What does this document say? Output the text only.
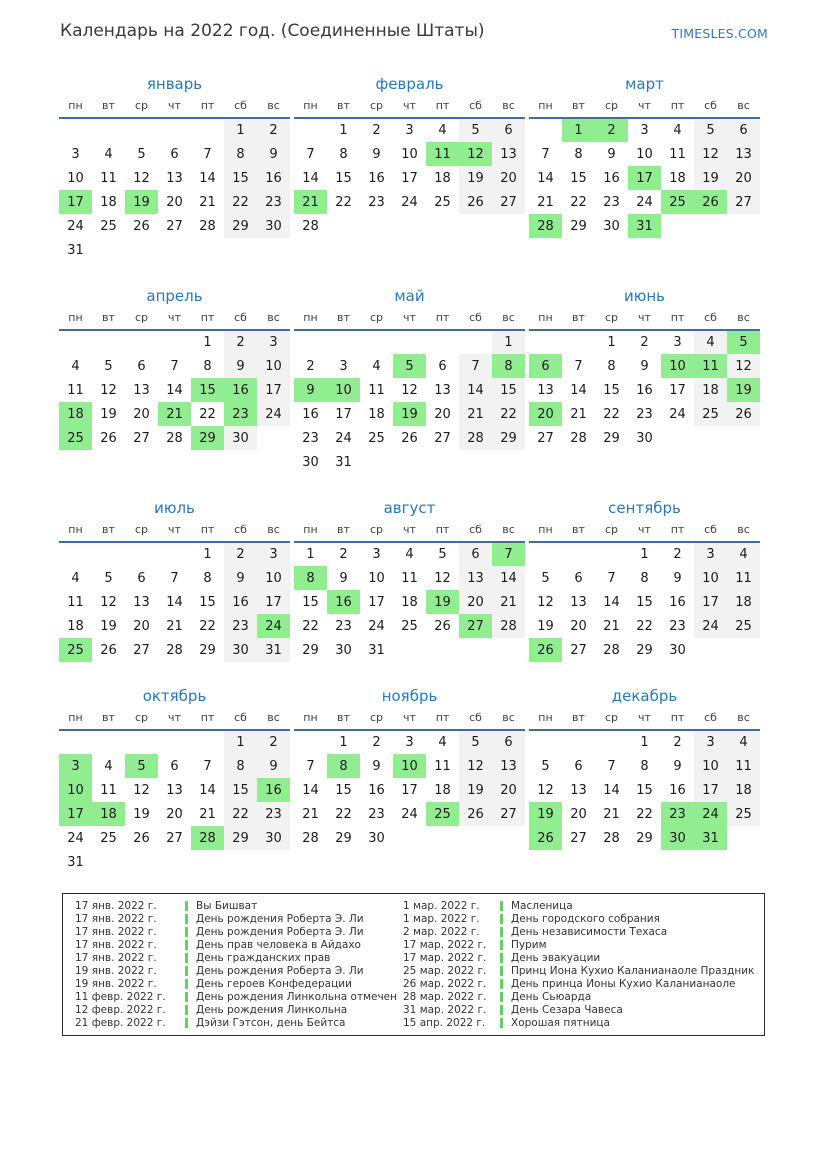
Календарь на 2022 год. (Соединенные Штаты)	TIMESLES.COM
январь
пн	вт	ср	чт	пт	сб	вс
					1	2
3	4	5	6	7	8	9
10	11	12	13	14	15	16
17	18	19	20	21	22	23
24	25	26	27	28	29	30
31						
февраль
пн	вт	ср	чт	пт	сб	вс
	1	2	3	4	5	6
7	8	9	10	11	12	13
14	15	16	17	18	19	20
21	22	23	24	25	26	27
28						
март
пн	вт	ср	чт	пт	сб	вс
	1	2	3	4	5	6
7	8	9	10	11	12	13
14	15	16	17	18	19	20
21	22	23	24	25	26	27
28	29	30	31			
апрель
пн	вт	ср	чт	пт	сб	вс
				1	2	3
4	5	6	7	8	9	10
11	12	13	14	15	16	17
18	19	20	21	22	23	24
25	26	27	28	29	30	
май
пн	вт	ср	чт	пт	сб	вс
						1
2	3	4	5	6	7	8
9	10	11	12	13	14	15
16	17	18	19	20	21	22
23	24	25	26	27	28	29
30	31					
июнь
пн	вт	ср	чт	пт	сб	вс
		1	2	3	4	5
6	7	8	9	10	11	12
13	14	15	16	17	18	19
20	21	22	23	24	25	26
27	28	29	30			
июль
пн	вт	ср	чт	пт	сб	вс
				1	2	3
4	5	6	7	8	9	10
11	12	13	14	15	16	17
18	19	20	21	22	23	24
25	26	27	28	29	30	31
август
пн	вт	ср	чт	пт	сб	вс
1	2	3	4	5	6	7
8	9	10	11	12	13	14
15	16	17	18	19	20	21
22	23	24	25	26	27	28
29	30	31				
сентябрь
пн	вт	ср	чт	пт	сб	вс
			1	2	3	4
5	6	7	8	9	10	11
12	13	14	15	16	17	18
19	20	21	22	23	24	25
26	27	28	29	30		
октябрь
пн	вт	ср	чт	пт	сб	вс
					1	2
3	4	5	6	7	8	9
10	11	12	13	14	15	16
17	18	19	20	21	22	23
24	25	26	27	28	29	30
31						
ноябрь
пн	вт	ср	чт	пт	сб	вс
	1	2	3	4	5	6
7	8	9	10	11	12	13
14	15	16	17	18	19	20
21	22	23	24	25	26	27
28	29	30				
декабрь
пн	вт	ср	чт	пт	сб	вс
			1	2	3	4
5	6	7	8	9	10	11
12	13	14	15	16	17	18
19	20	21	22	23	24	25
26	27	28	29	30	31	
17 янв. 2022 г.	Вы Бишват
17 янв. 2022 г.	День рождения Роберта Э. Ли
17 янв. 2022 г.	День рождения Роберта Э. Ли
17 янв. 2022 г.	День прав человека в Айдахо
17 янв. 2022 г.	День гражданских прав
19 янв. 2022 г.	День рождения Роберта Э. Ли
19 янв. 2022 г.	День героев Конфедерации
11 февр. 2022 г.	День рождения Линкольна отмечен
12 февр. 2022 г.	День рождения Линкольна
21 февр. 2022 г.	Дэйзи Гэтсон, день Бейтса
1 мар. 2022 г.	Масленица
1 мар. 2022 г.	День городского собрания
2 мар. 2022 г.	День независимости Техаса
17 мар. 2022 г.	Пурим
17 мар. 2022 г.	День эвакуации
25 мар. 2022 г.	Принц Иона Кухио Каланианаоле Праздник
26 мар. 2022 г.	День принца Ионы Кухио Каланианаоле
28 мар. 2022 г.	День Сьюарда
31 мар. 2022 г.	День Сезара Чавеса
15 апр. 2022 г.	Хорошая пятница
